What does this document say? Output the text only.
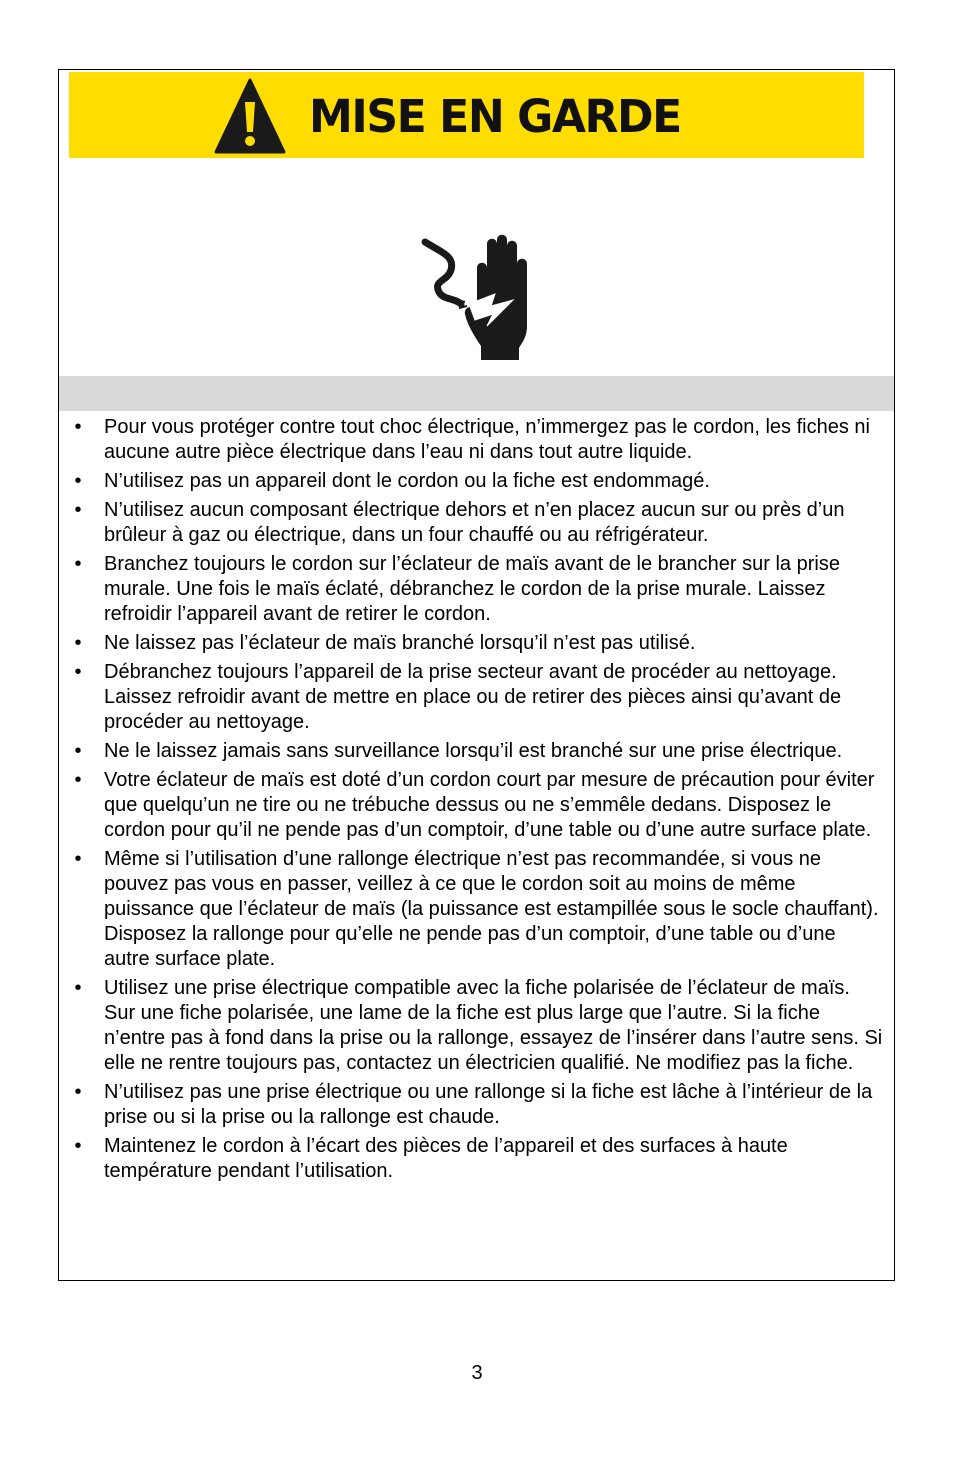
MISE EN GARDE
• Pour vous protéger contre tout choc électrique, n’immergez pas le cordon, les fiches ni aucune autre pièce électrique dans l’eau ni dans tout autre liquide.
• N’utilisez pas un appareil dont le cordon ou la fiche est endommagé.
• N’utilisez aucun composant électrique dehors et n’en placez aucun sur ou près d’un brûleur à gaz ou électrique, dans un four chauffé ou au réfrigérateur.
• Branchez toujours le cordon sur l’éclateur de maïs avant de le brancher sur la prise murale. Une fois le maïs éclaté, débranchez le cordon de la prise murale. Laissez refroidir l’appareil avant de retirer le cordon.
• Ne laissez pas l’éclateur de maïs branché lorsqu’il n’est pas utilisé.
• Débranchez toujours l’appareil de la prise secteur avant de procéder au nettoyage. Laissez refroidir avant de mettre en place ou de retirer des pièces ainsi qu’avant de procéder au nettoyage.
• Ne le laissez jamais sans surveillance lorsqu’il est branché sur une prise électrique.
• Votre éclateur de maïs est doté d’un cordon court par mesure de précaution pour éviter que quelqu’un ne tire ou ne trébuche dessus ou ne s’emmêle dedans. Disposez le cordon pour qu’il ne pende pas d’un comptoir, d’une table ou d’une autre surface plate.
• Même si l’utilisation d’une rallonge électrique n’est pas recommandée, si vous ne pouvez pas vous en passer, veillez à ce que le cordon soit au moins de même puissance que l’éclateur de maïs (la puissance est estampillée sous le socle chauffant). Disposez la rallonge pour qu’elle ne pende pas d’un comptoir, d’une table ou d’une autre surface plate.
• Utilisez une prise électrique compatible avec la fiche polarisée de l’éclateur de maïs. Sur une fiche polarisée, une lame de la fiche est plus large que l’autre. Si la fiche n’entre pas à fond dans la prise ou la rallonge, essayez de l’insérer dans l’autre sens. Si elle ne rentre toujours pas, contactez un électricien qualifié. Ne modifiez pas la fiche.
• N’utilisez pas une prise électrique ou une rallonge si la fiche est lâche à l’intérieur de la prise ou si la prise ou la rallonge est chaude.
• Maintenez le cordon à l’écart des pièces de l’appareil et des surfaces à haute température pendant l’utilisation.
3
